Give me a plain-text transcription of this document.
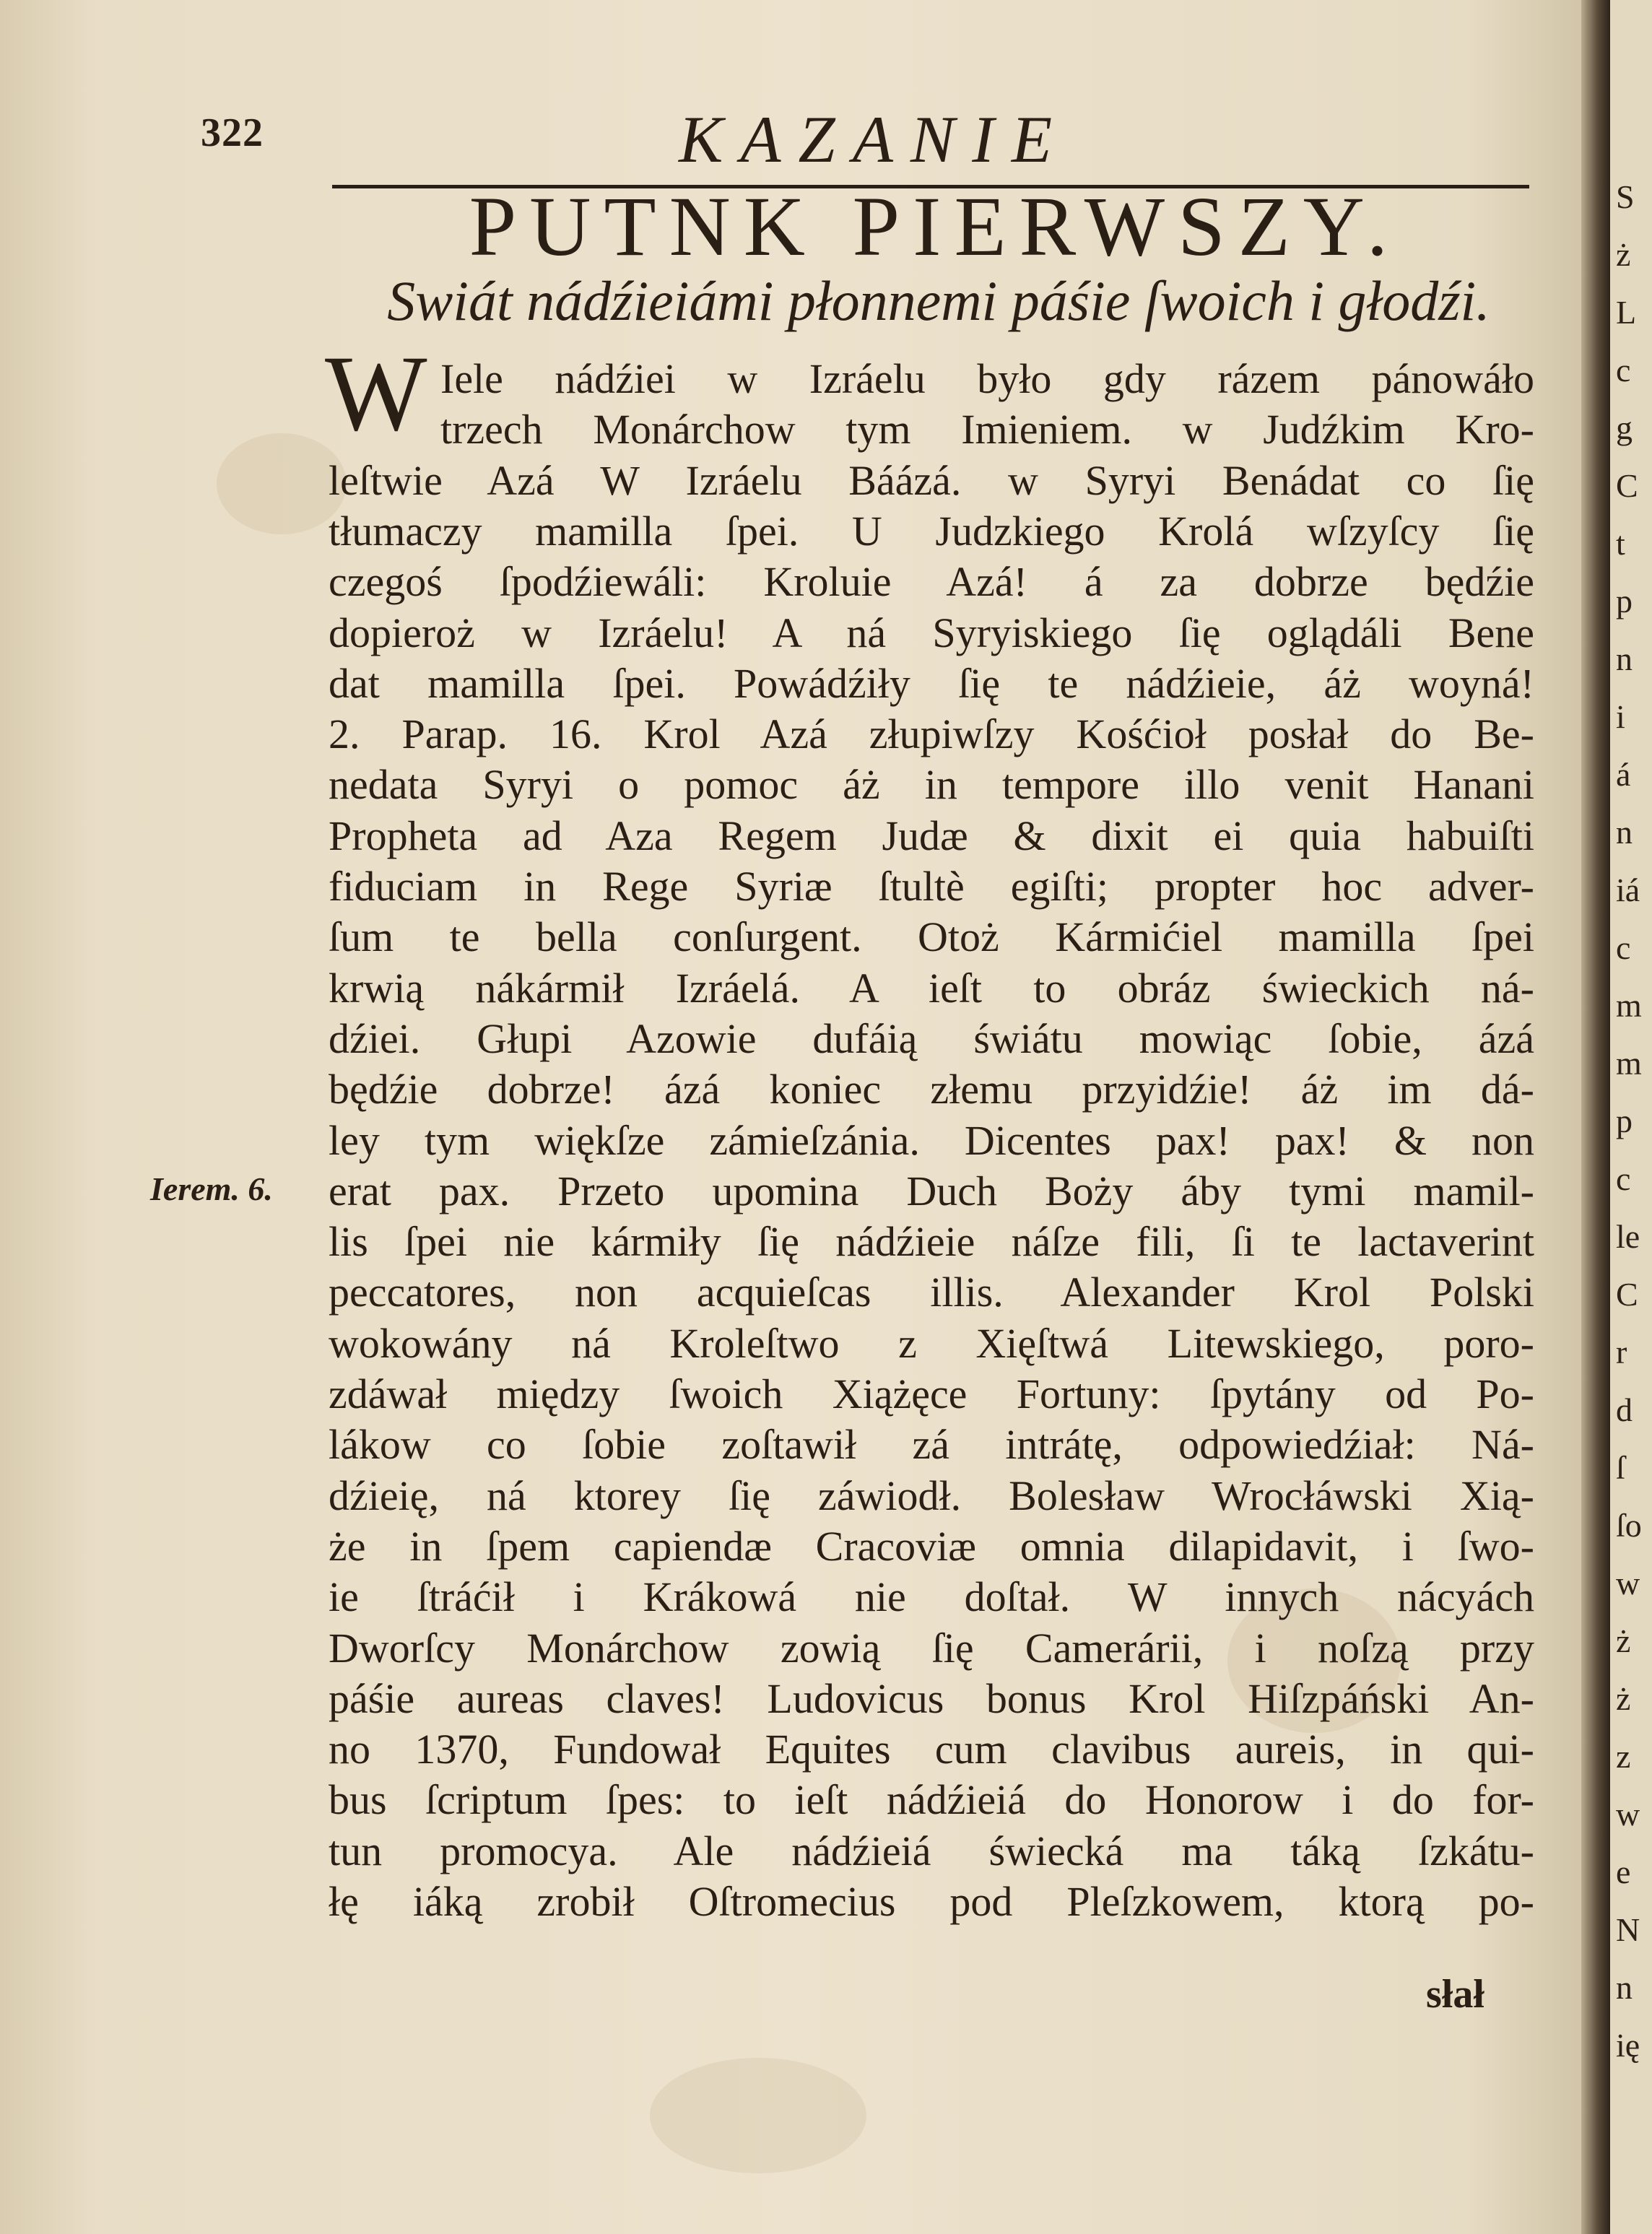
322	KAZANIE
PUTNK PIERWSZY.
Swiát nádźieiámi płonnemi páśie ſwoich i głodźi.
W Iele nádźiei w Izráelu było gdy rázem pánowáło
trzech Monárchow tym Imieniem. w Judźkim Kro-
leſtwie Azá W Izráelu Báázá. w Syryi Benádat co ſię
tłumaczy mamilla ſpei. U Judzkiego Krolá wſzyſcy ſię
czegoś ſpodźiewáli: Kroluie Azá! á za dobrze będźie
dopieroż w Izráelu! A ná Syryiskiego ſię oglądáli Bene
dat mamilla ſpei. Powádźiły ſię te nádźieie, áż woyná!
2. Parap. 16. Krol Azá złupiwſzy Kośćioł posłał do Be-
nedata Syryi o pomoc áż in tempore illo venit Hanani
Propheta ad Aza Regem Judæ & dixit ei quia habuiſti
fiduciam in Rege Syriæ ſtultè egiſti; propter hoc adver-
ſum te bella conſurgent. Otoż Kármićiel mamilla ſpei
krwią nákármił Izráelá. A ieſt to obráz świeckich ná-
dźiei. Głupi Azowie dufáią świátu mowiąc ſobie, ázá
będźie dobrze! ázá koniec złemu przyidźie! áż im dá-
ley tym więkſze zámieſzánia. Dicentes pax! pax! & non
erat pax. Przeto upomina Duch Boży áby tymi mamil-
lis ſpei nie kármiły ſię nádźieie náſze fili, ſi te lactaverint
peccatores, non acquieſcas illis. Alexander Krol Polski
wokowány ná Kroleſtwo z Xięſtwá Litewskiego, poro-
zdáwał między ſwoich Xiążęce Fortuny: ſpytány od Po-
lákow co ſobie zoſtawił zá intrátę, odpowiedźiał: Ná-
dźieię, ná ktorey ſię záwiodł. Bolesław Wrocłáwski Xią-
że in ſpem capiendæ Cracoviæ omnia dilapidavit, i ſwo-
ie ſtráćił i Krákowá nie doſtał. W innych nácyách
Dworſcy Monárchow zowią ſię Camerárii, i noſzą przy
páśie aureas claves! Ludovicus bonus Krol Hiſzpáński An-
no 1370, Fundował Equites cum clavibus aureis, in qui-
bus ſcriptum ſpes: to ieſt nádźieiá do Honorow i do for-
tun promocya. Ale nádźieiá świecká ma táką ſzkátu-
łę iáką zrobił Oſtromecius pod Pleſzkowem, ktorą po-
Ierem. 6.
słał
S
ż
L
c
g
C
t
p
n
i
á
n
iá
c
m
m
p
c
le
C
r
d
ſ
ſo
w
ż
ż
z
w
e
N
n
ię
